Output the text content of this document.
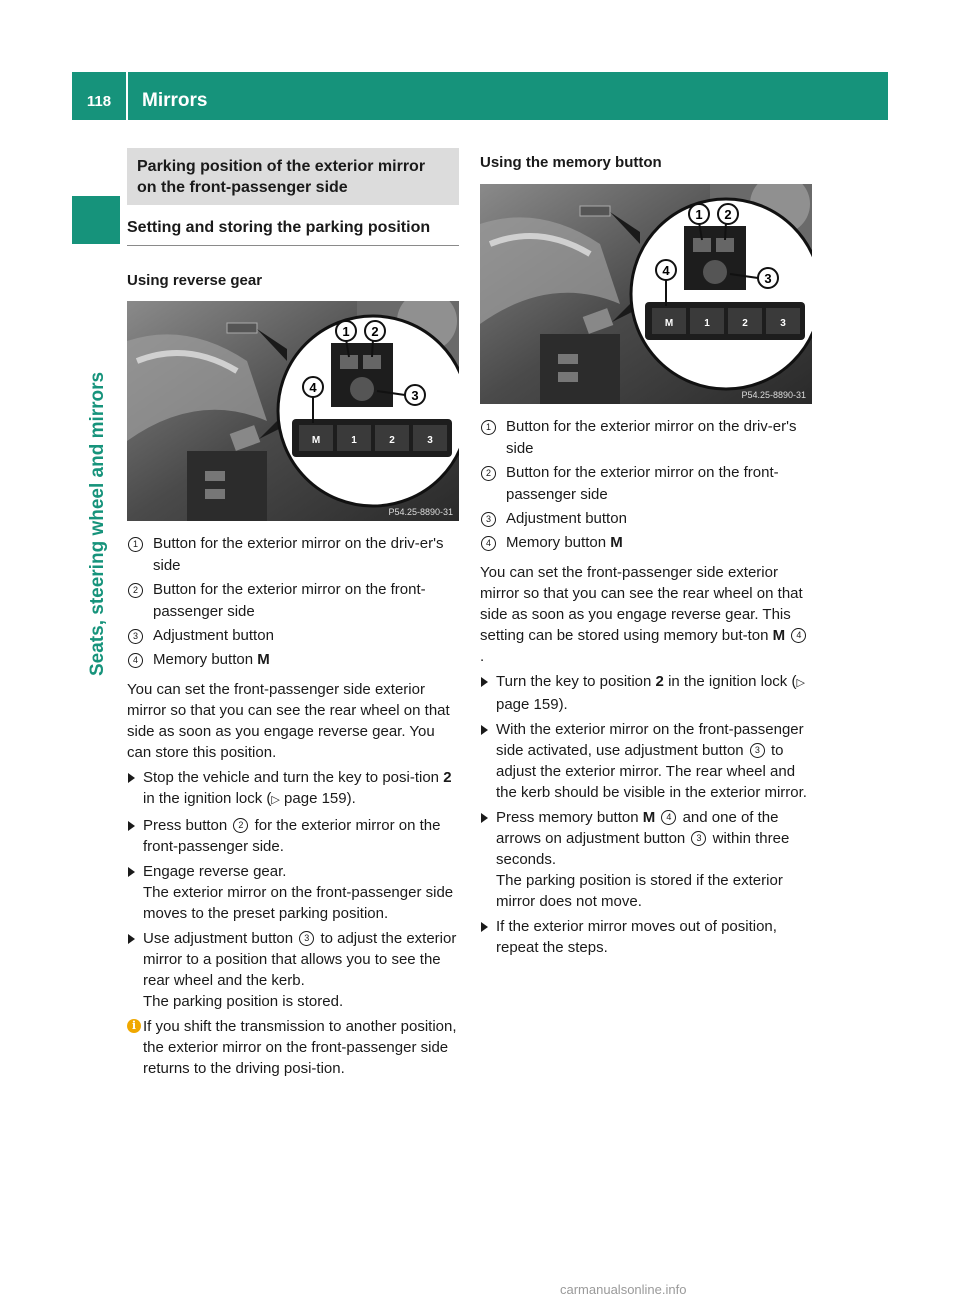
118	Mirrors
Seats, steering wheel and mirrors
Parking position of the exterior mirror on the front-passenger side
Setting and storing the parking position
Using reverse gear
M	1	2	3
1 2
3
4
P54.25-8890-31
1	Button for the exterior mirror on the driv-er's side
2	Button for the exterior mirror on the front-passenger side
3	Adjustment button
4	Memory button M

You can set the front-passenger side exterior mirror so that you can see the rear wheel on that side as soon as you engage reverse gear. You can store this position.

Stop the vehicle and turn the key to posi-tion 2 in the ignition lock (▷ page 159).
Press button 2 for the exterior mirror on the front-passenger side.
Engage reverse gear.
The exterior mirror on the front-passenger side moves to the preset parking position.
Use adjustment button 3 to adjust the exterior mirror to a position that allows you to see the rear wheel and the kerb.
The parking position is stored.
i If you shift the transmission to another position, the exterior mirror on the front-passenger side returns to the driving posi-tion.
Using the memory button
M	1	2	3
1 2
3
4
P54.25-8890-31
1	Button for the exterior mirror on the driv-er's side
2	Button for the exterior mirror on the front-passenger side
3	Adjustment button
4	Memory button M

You can set the front-passenger side exterior mirror so that you can see the rear wheel on that side as soon as you engage reverse gear. This setting can be stored using memory but-ton M 4.

Turn the key to position 2 in the ignition lock (▷ page 159).
With the exterior mirror on the front-passenger side activated, use adjustment button 3 to adjust the exterior mirror. The rear wheel and the kerb should be visible in the exterior mirror.
Press memory button M 4 and one of the arrows on adjustment button 3 within three seconds.
The parking position is stored if the exterior mirror does not move.
If the exterior mirror moves out of position, repeat the steps.
carmanualsonline.info
